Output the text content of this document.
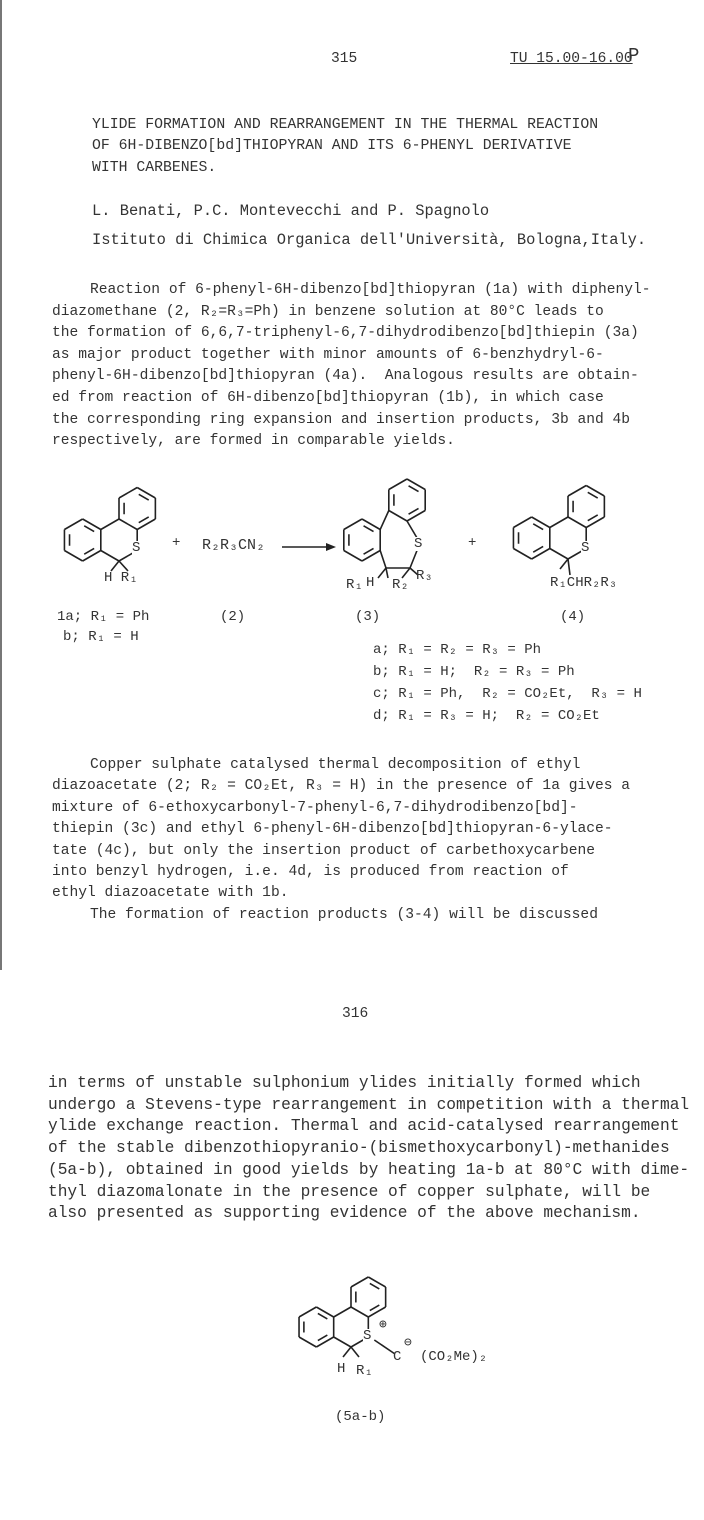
315	TU 15.00-16.00
P
YLIDE FORMATION AND REARRANGEMENT IN THE THERMAL REACTION
OF 6H-DIBENZO[bd]THIOPYRAN AND ITS 6-PHENYL DERIVATIVE
WITH CARBENES.
L. Benati, P.C. Montevecchi and P. Spagnolo
Istituto di Chimica Organica dell'Università, Bologna,Italy.
Reaction of 6-phenyl-6H-dibenzo[bd]thiopyran (1a) with diphenyl-
diazomethane (2, R₂=R₃=Ph) in benzene solution at 80°C leads to
the formation of 6,6,7-triphenyl-6,7-dihydrodibenzo[bd]thiepin (3a)
as major product together with minor amounts of 6-benzhydryl-6-
phenyl-6H-dibenzo[bd]thiopyran (4a).  Analogous results are obtain-
ed from reaction of 6H-dibenzo[bd]thiopyran (1b), in which case
the corresponding ring expansion and insertion products, 3b and 4b
respectively, are formed in comparable yields.
S
H R₁
+ R₂R₃CN₂	S
R₁ H R₂
R₃
+	S
R₁CHR₂R₃
1a; R₁ = Ph
b; R₁ = H
(2)	(3)	(4)
a; R₁ = R₂ = R₃ = Ph
b; R₁ = H;  R₂ = R₃ = Ph
c; R₁ = Ph,  R₂ = CO₂Et,  R₃ = H
d; R₁ = R₃ = H;  R₂ = CO₂Et
Copper sulphate catalysed thermal decomposition of ethyl
diazoacetate (2; R₂ = CO₂Et, R₃ = H) in the presence of 1a gives a
mixture of 6-ethoxycarbonyl-7-phenyl-6,7-dihydrodibenzo[bd]-
thiepin (3c) and ethyl 6-phenyl-6H-dibenzo[bd]thiopyran-6-ylace-
tate (4c), but only the insertion product of carbethoxycarbene
into benzyl hydrogen, i.e. 4d, is produced from reaction of
ethyl diazoacetate with 1b.
The formation of reaction products (3-4) will be discussed
316
in terms of unstable sulphonium ylides initially formed which
undergo a Stevens-type rearrangement in competition with a thermal
ylide exchange reaction. Thermal and acid-catalysed rearrangement
of the stable dibenzothiopyranio-(bismethoxycarbonyl)-methanides
(5a-b), obtained in good yields by heating 1a-b at 80°C with dime-
thyl diazomalonate in the presence of copper sulphate, will be
also presented as supporting evidence of the above mechanism.
S
⊕
C
⊖
(CO₂Me)₂
H R₁
(5a-b)
